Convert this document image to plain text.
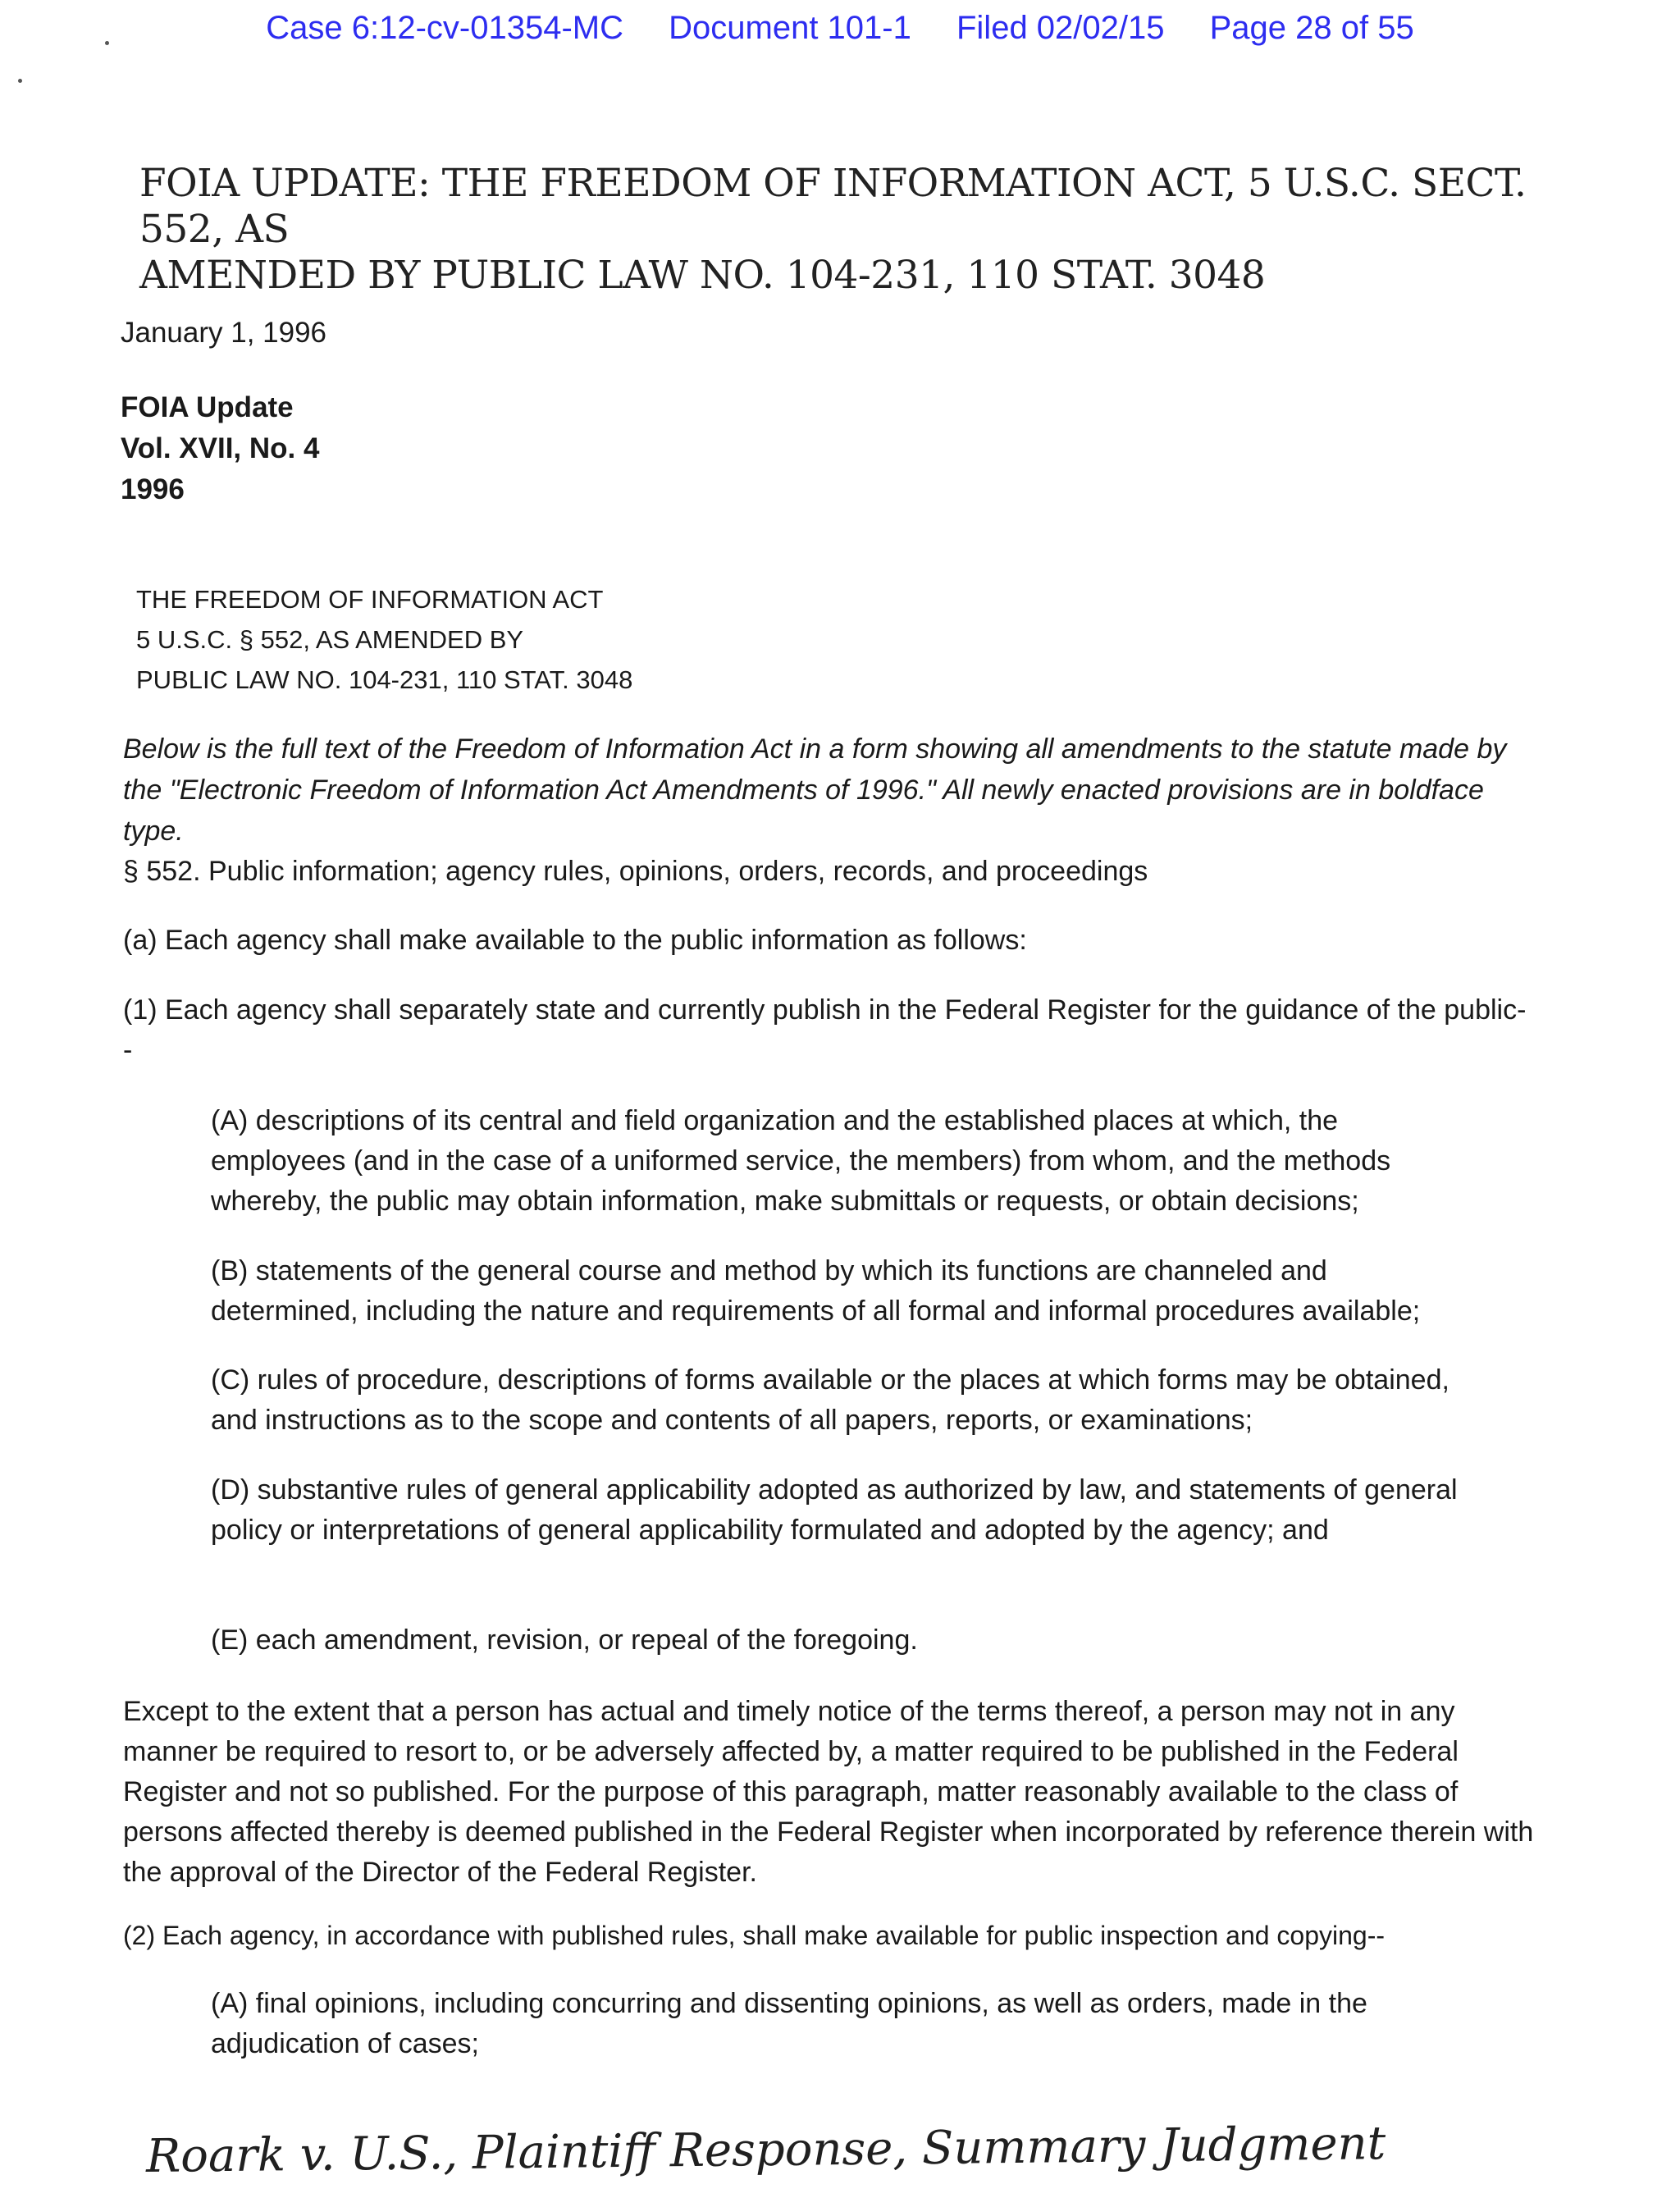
Case 6:12-cv-01354-MC Document 101-1 Filed 02/02/15 Page 28 of 55
FOIA UPDATE: THE FREEDOM OF INFORMATION ACT, 5 U.S.C. SECT. 552, AS
AMENDED BY PUBLIC LAW NO. 104-231, 110 STAT. 3048
January 1, 1996
FOIA Update
Vol. XVII, No. 4
1996
THE FREEDOM OF INFORMATION ACT
5 U.S.C. § 552, AS AMENDED BY
PUBLIC LAW NO. 104-231, 110 STAT. 3048

Below is the full text of the Freedom of Information Act in a form showing all amendments to the statute made by the "Electronic Freedom of Information Act Amendments of 1996." All newly enacted provisions are in boldface type.

§ 552. Public information; agency rules, opinions, orders, records, and proceedings

(a) Each agency shall make available to the public information as follows:

(1) Each agency shall separately state and currently publish in the Federal Register for the guidance of the public--

(A) descriptions of its central and field organization and the established places at which, the employees (and in the case of a uniformed service, the members) from whom, and the methods whereby, the public may obtain information, make submittals or requests, or obtain decisions;

(B) statements of the general course and method by which its functions are channeled and determined, including the nature and requirements of all formal and informal procedures available;

(C) rules of procedure, descriptions of forms available or the places at which forms may be obtained, and instructions as to the scope and contents of all papers, reports, or examinations;

(D) substantive rules of general applicability adopted as authorized by law, and statements of general policy or interpretations of general applicability formulated and adopted by the agency; and

(E) each amendment, revision, or repeal of the foregoing.

Except to the extent that a person has actual and timely notice of the terms thereof, a person may not in any manner be required to resort to, or be adversely affected by, a matter required to be published in the Federal Register and not so published. For the purpose of this paragraph, matter reasonably available to the class of persons affected thereby is deemed published in the Federal Register when incorporated by reference therein with the approval of the Director of the Federal Register.

(2) Each agency, in accordance with published rules, shall make available for public inspection and copying--

(A) final opinions, including concurring and dissenting opinions, as well as orders, made in the adjudication of cases;

Roark v. U.S., Plaintiff Response, Summary Judgment
